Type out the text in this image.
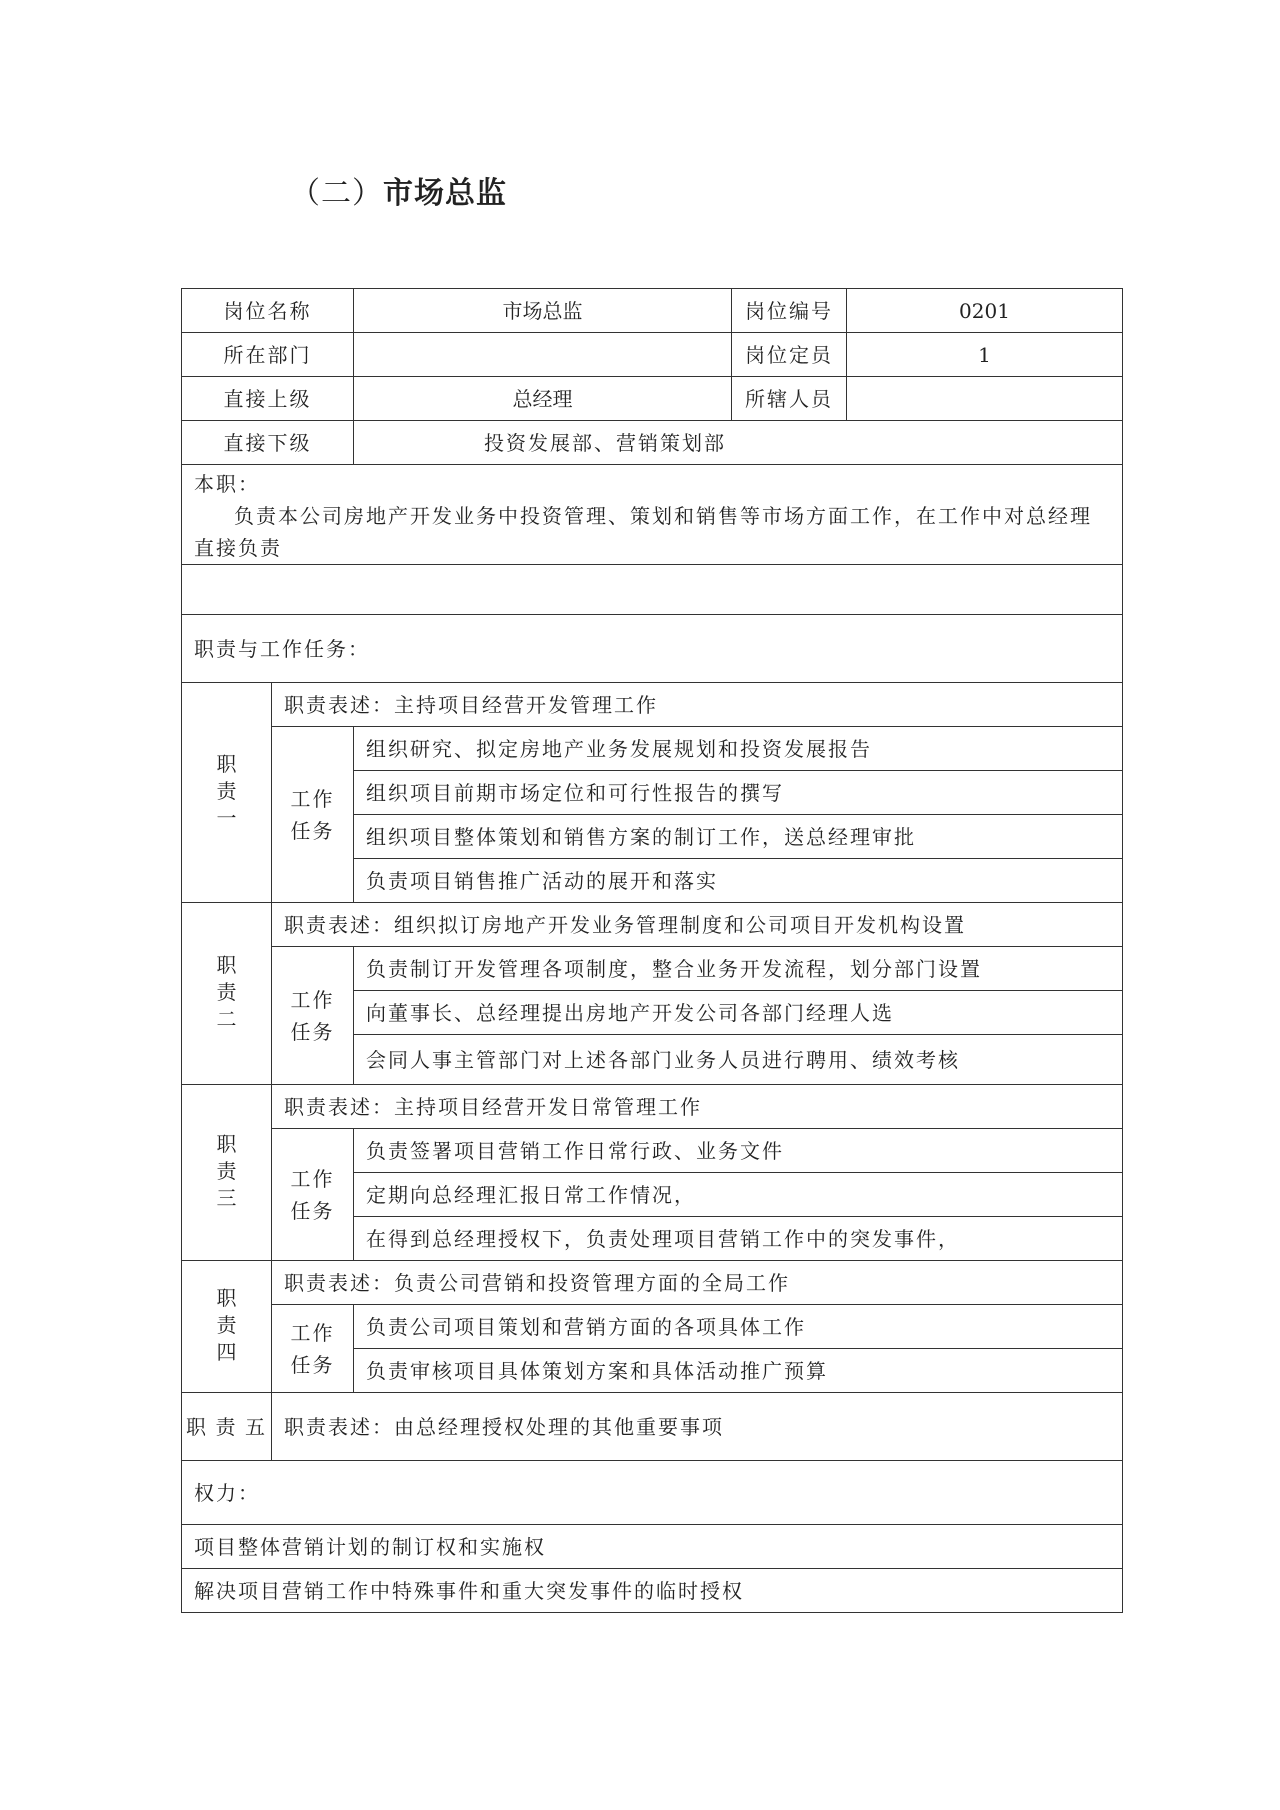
（二）市场总监
岗位名称		市场总监	岗位编号	0201
所在部门			岗位定员	1
直接上级		总经理	所辖人员	
直接下级		投资发展部、营销策划部		

本职：
负责本公司房地产开发业务中投资管理、策划和销售等市场方面工作，在工作中对总经理直接负责				

职责与工作任务：				
职责一	职责表述：主持项目经营开发管理工作			
	工作任务	组织研究、拟定房地产业务发展规划和投资发展报告		
		组织项目前期市场定位和可行性报告的撰写		
		组织项目整体策划和销售方案的制订工作，送总经理审批		
		负责项目销售推广活动的展开和落实		
职责二	职责表述：组织拟订房地产开发业务管理制度和公司项目开发机构设置			
	工作任务	负责制订开发管理各项制度，整合业务开发流程，划分部门设置		
		向董事长、总经理提出房地产开发公司各部门经理人选		
		会同人事主管部门对上述各部门业务人员进行聘用、绩效考核		
职责三	职责表述：主持项目经营开发日常管理工作			
	工作任务	负责签署项目营销工作日常行政、业务文件		
		定期向总经理汇报日常工作情况，		
		在得到总经理授权下，负责处理项目营销工作中的突发事件，		
职责四	职责表述：负责公司营销和投资管理方面的全局工作			
	工作任务	负责公司项目策划和营销方面的各项具体工作		
		负责审核项目具体策划方案和具体活动推广预算		
职责五	职责表述：由总经理授权处理的其他重要事项			
权力：				
项目整体营销计划的制订权和实施权				
解决项目营销工作中特殊事件和重大突发事件的临时授权				
